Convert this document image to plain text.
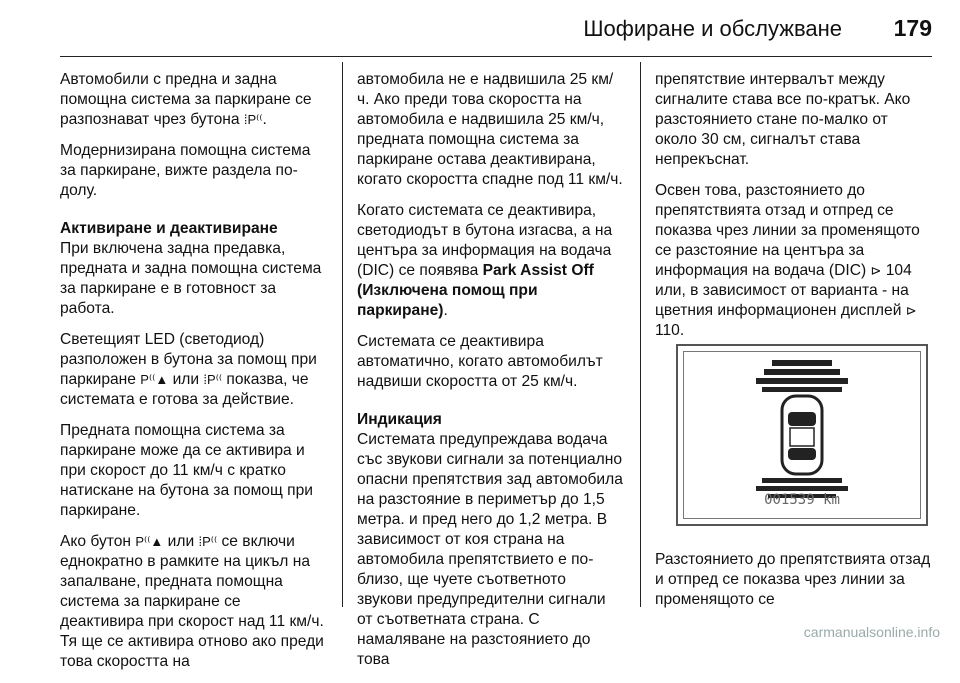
Шофиране и обслужване 179

Автомобили с предна и задна помощна система за паркиране се разпознават чрез бутона ⁞P⁽⁽.

Модернизирана помощна система за паркиране, вижте раздела по-долу.

Активиране и деактивиране
При включена задна предавка, предната и задна помощна система за паркиране е в готовност за работа.

Светещият LED (светодиод) разположен в бутона за помощ при паркиране P⁽⁽▲ или ⁞P⁽⁽ показва, че системата е готова за действие.

Предната помощна система за паркиране може да се активира и при скорост до 11 км/ч с кратко натискане на бутона за помощ при паркиране.

Ако бутон P⁽⁽▲ или ⁞P⁽⁽ се включи еднократно в рамките на цикъл на запалване, предната помощна система за паркиране се деактивира при скорост над 11 км/ч. Тя ще се активира отново ако преди това скоростта на

автомобила не е надвишила 25 км/ч. Ако преди това скоростта на автомобила е надвишила 25 км/ч, предната помощна система за паркиране остава деактивирана, когато скоростта спадне под 11 км/ч.

Когато системата се деактивира, светодиодът в бутона изгасва, а на центъра за информация на водача (DIC) се появява Park Assist Off (Изключена помощ при паркиране).

Системата се деактивира автоматично, когато автомобилът надвиши скоростта от 25 км/ч.

Индикация
Системата предупреждава водача със звукови сигнали за потенциално опасни препятствия зад автомобила на разстояние в периметър до 1,5 метра. и пред него до 1,2 метра. В зависимост от коя страна на автомобила препятствието е по-близо, ще чуете съответното звукови предупредителни сигнали от съответната страна. С намаляване на разстоянието до това

препятствие интервалът между сигналите става все по-кратък. Ако разстоянието стане по-малко от около 30 см, сигналът става непрекъснат.

Освен това, разстоянието до препятствията отзад и отпред се показва чрез линии за променящото се разстояние на центъра за информация на водача (DIC) ⊳ 104 или, в зависимост от варианта - на цветния информационен дисплей ⊳ 110.

001539 km
Разстоянието до препятствията отзад и отпред се показва чрез линии за променящото се
carmanualsonline.info
